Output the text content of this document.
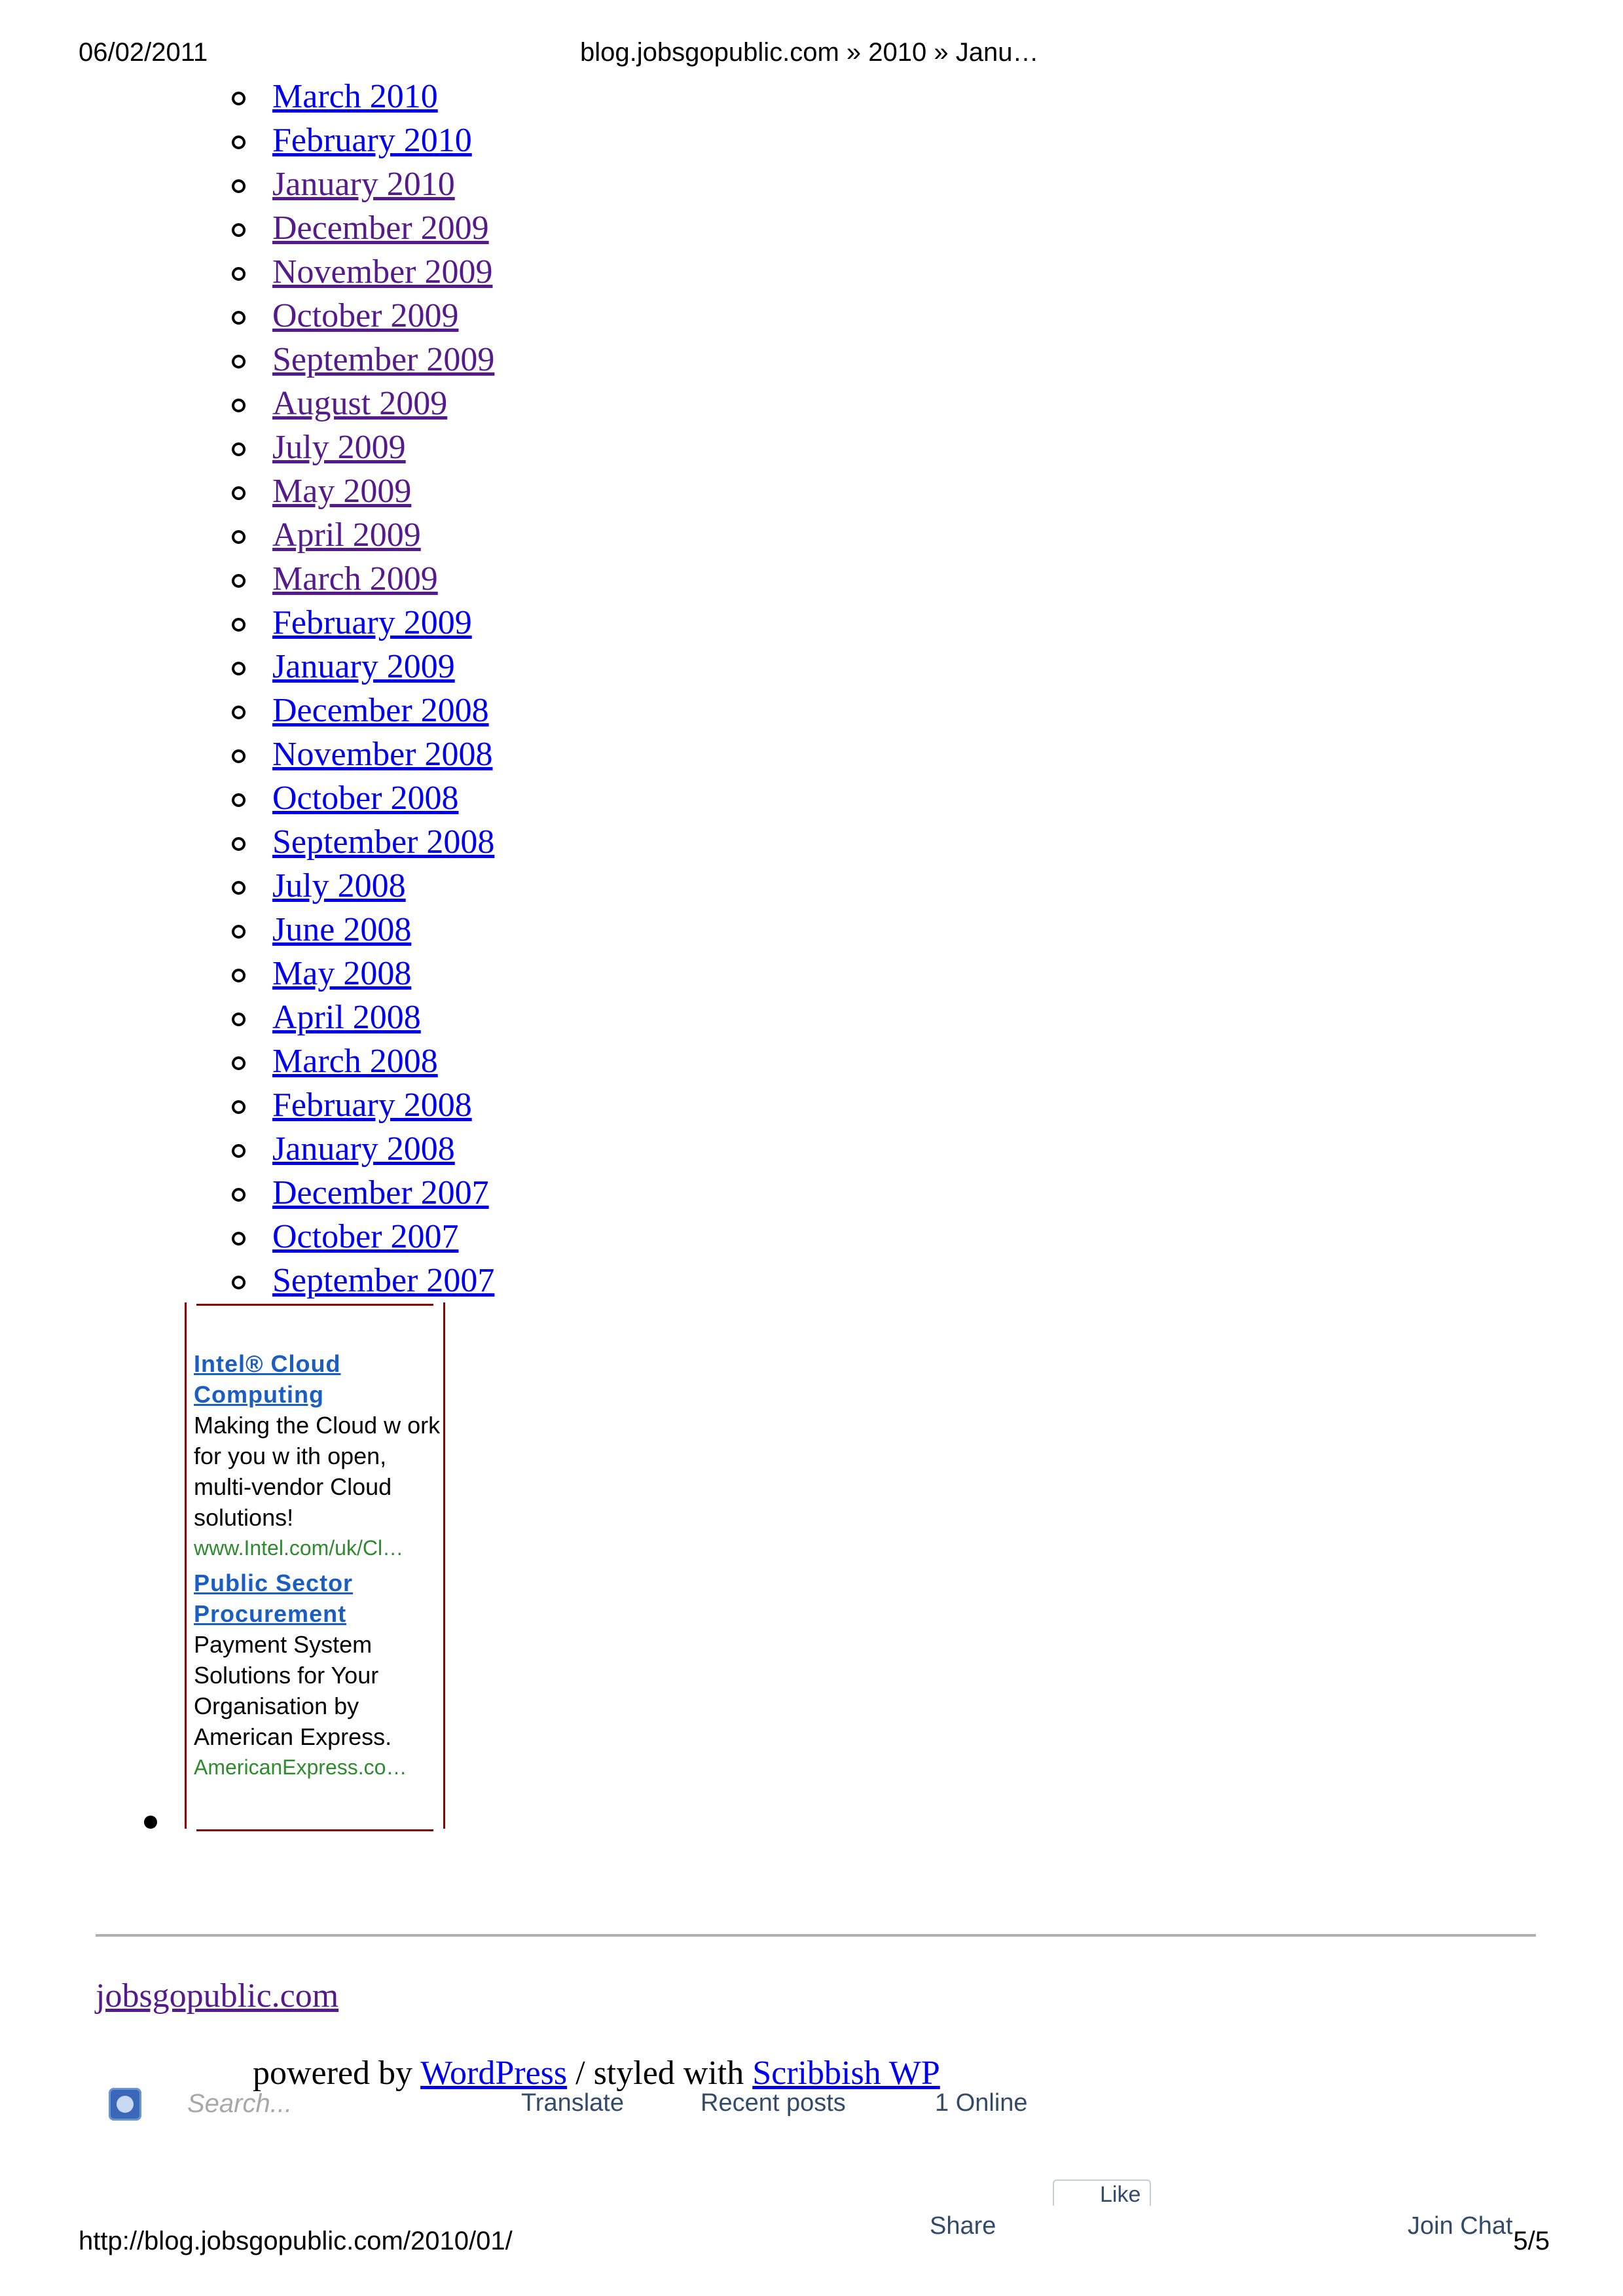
06/02/2011	blog.jobsgopublic.com » 2010 » Janu…
March 2010
February 2010
January 2010
December 2009
November 2009
October 2009
September 2009
August 2009
July 2009
May 2009
April 2009
March 2009
February 2009
January 2009
December 2008
November 2008
October 2008
September 2008
July 2008
June 2008
May 2008
April 2008
March 2008
February 2008
January 2008
December 2007
October 2007
September 2007
Intel® Cloud
Computing
Making the Cloud w ork
for you w ith open,
multi-vendor Cloud
solutions!
www.Intel.com/uk/Cl…
Public Sector
Procurement
Payment System
Solutions for Your
Organisation by
American Express.
AmericanExpress.co…
jobsgopublic.com
powered by WordPress / styled with Scribbish WP
Search...
Translate	Recent posts	1 Online
Like
Share	Join Chat
http://blog.jobsgopublic.com/2010/01/	5/5
